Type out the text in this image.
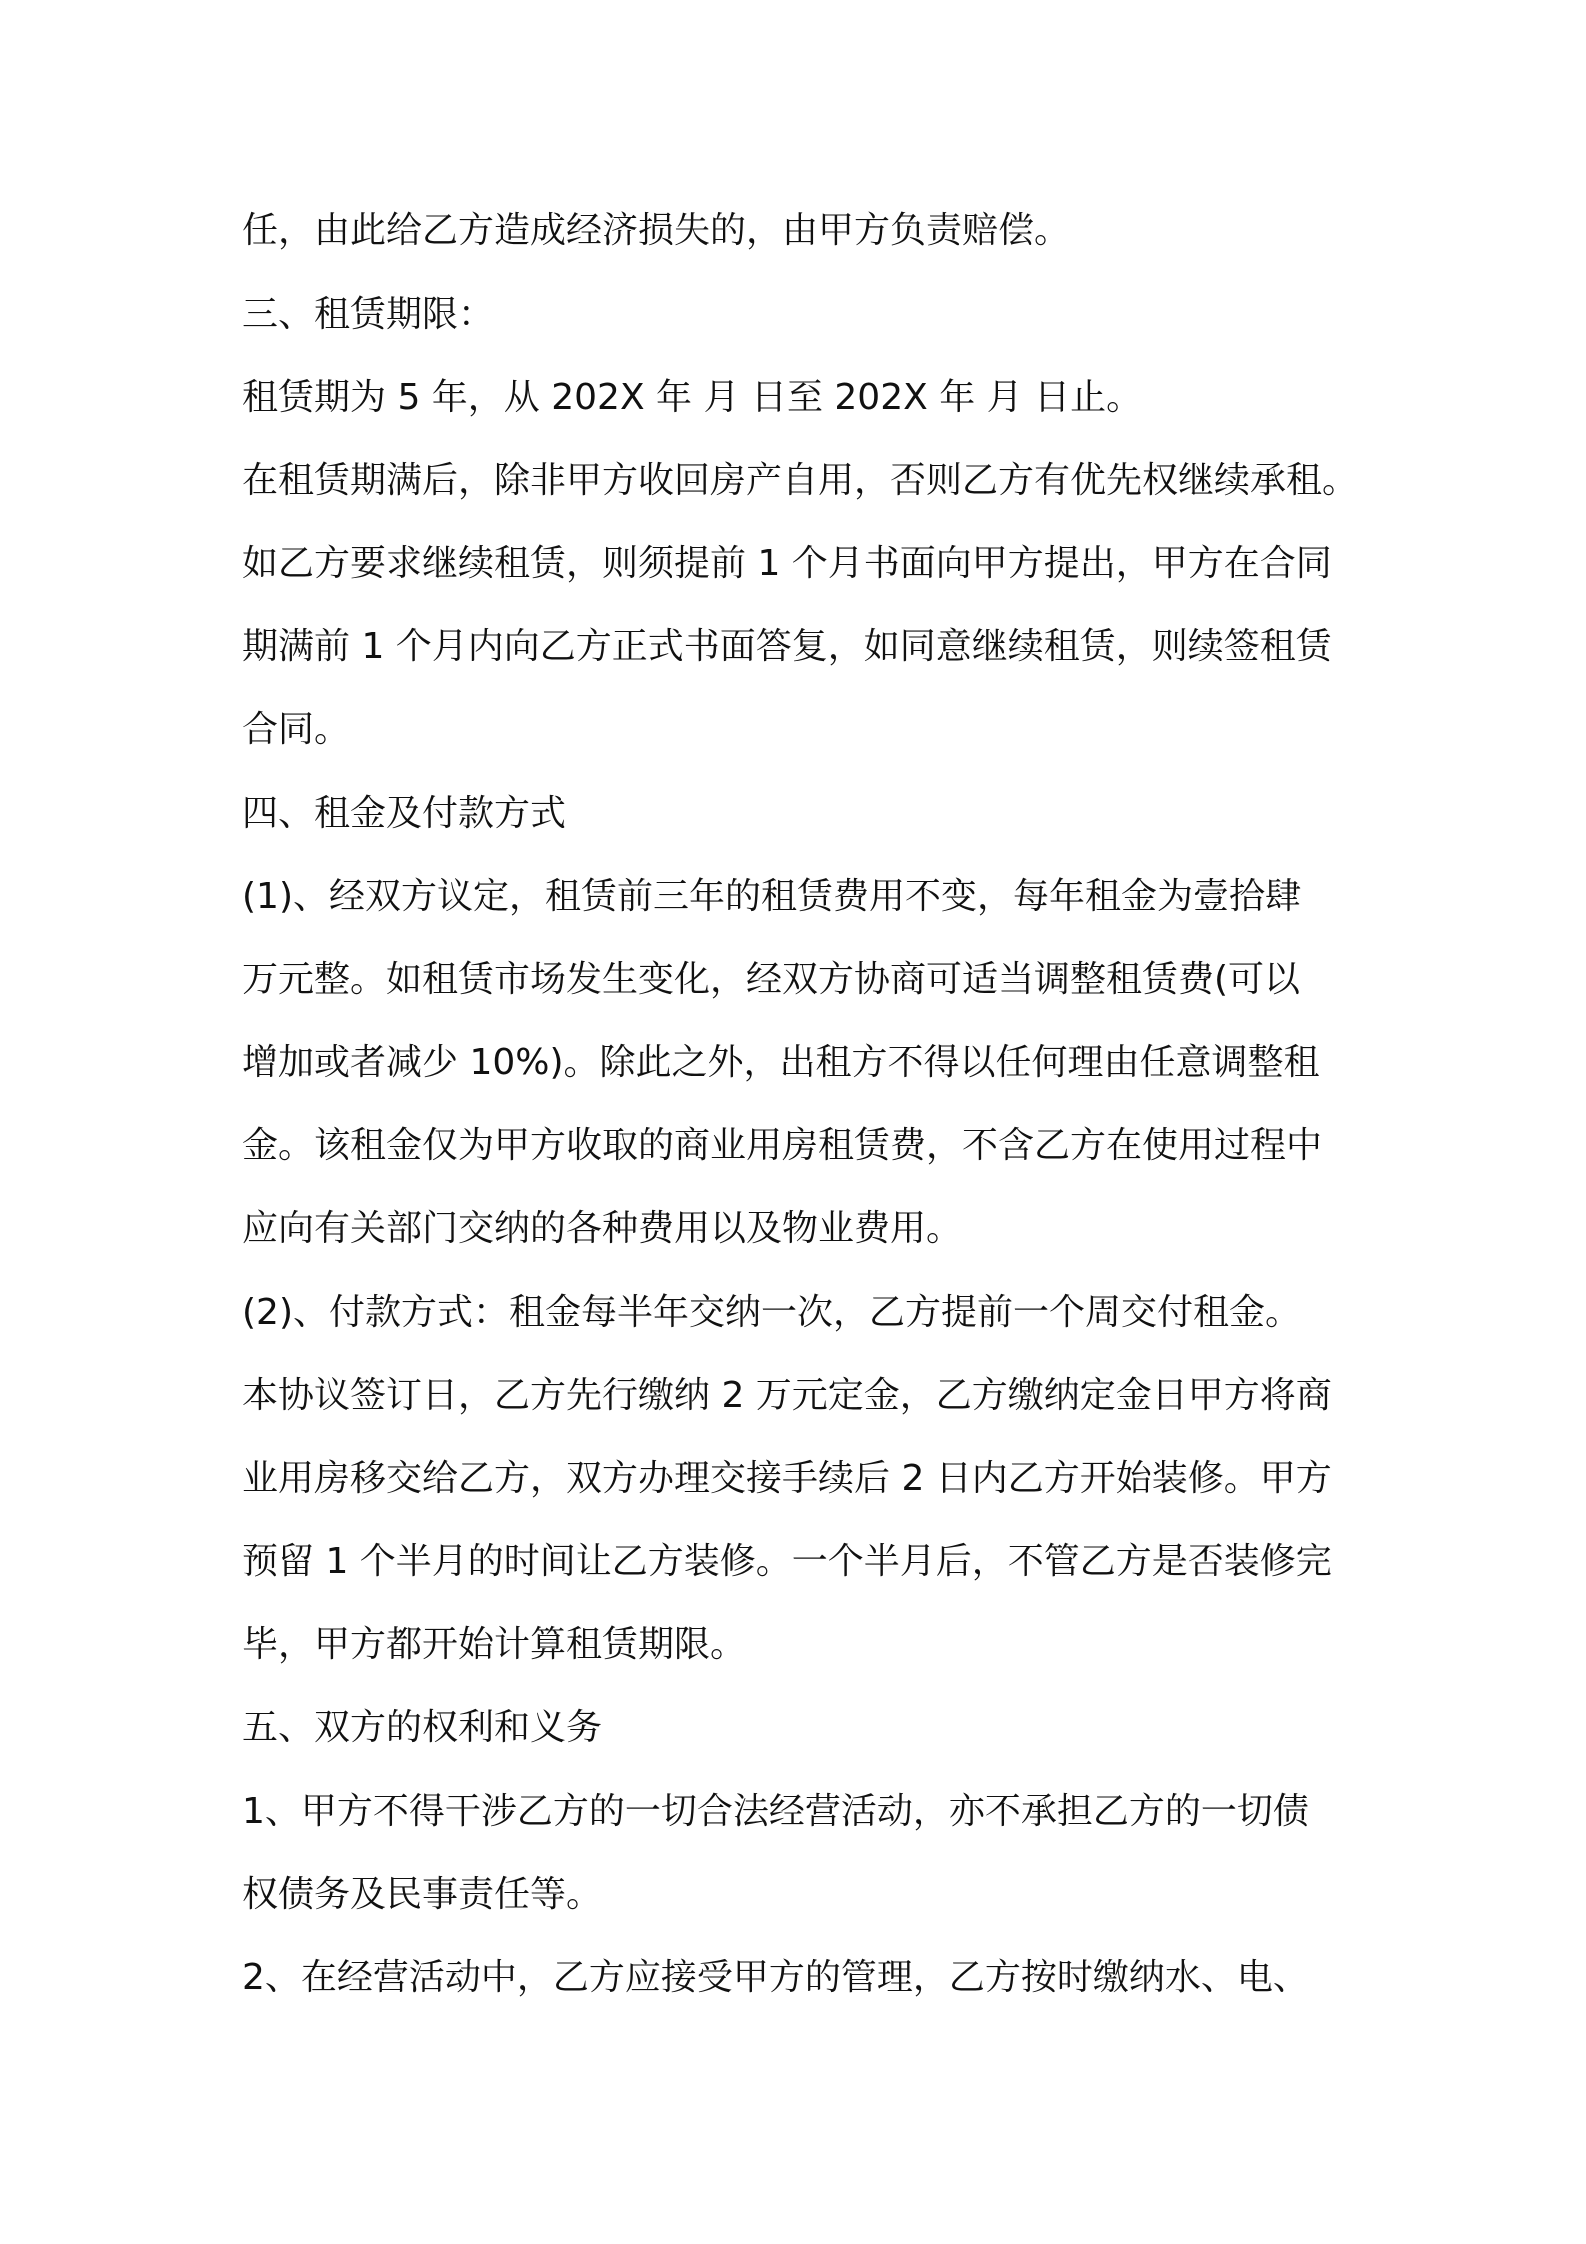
任，由此给乙方造成经济损失的，由甲方负责赔偿。

三、租赁期限：

租赁期为 5 年，从 202X 年 月 日至 202X 年 月 日止。

在租赁期满后，除非甲方收回房产自用，否则乙方有优先权继续承租。

如乙方要求继续租赁，则须提前 1 个月书面向甲方提出，甲方在合同

期满前 1 个月内向乙方正式书面答复，如同意继续租赁，则续签租赁

合同。

四、租金及付款方式

(1)、经双方议定，租赁前三年的租赁费用不变，每年租金为壹拾肆

万元整。如租赁市场发生变化，经双方协商可适当调整租赁费(可以

增加或者减少 10%)。除此之外，出租方不得以任何理由任意调整租

金。该租金仅为甲方收取的商业用房租赁费，不含乙方在使用过程中

应向有关部门交纳的各种费用以及物业费用。

(2)、付款方式：租金每半年交纳一次，乙方提前一个周交付租金。

本协议签订日，乙方先行缴纳 2 万元定金，乙方缴纳定金日甲方将商

业用房移交给乙方，双方办理交接手续后 2 日内乙方开始装修。甲方

预留 1 个半月的时间让乙方装修。一个半月后，不管乙方是否装修完

毕，甲方都开始计算租赁期限。

五、双方的权利和义务

1、甲方不得干涉乙方的一切合法经营活动，亦不承担乙方的一切债

权债务及民事责任等。

2、在经营活动中，乙方应接受甲方的管理，乙方按时缴纳水、电、
